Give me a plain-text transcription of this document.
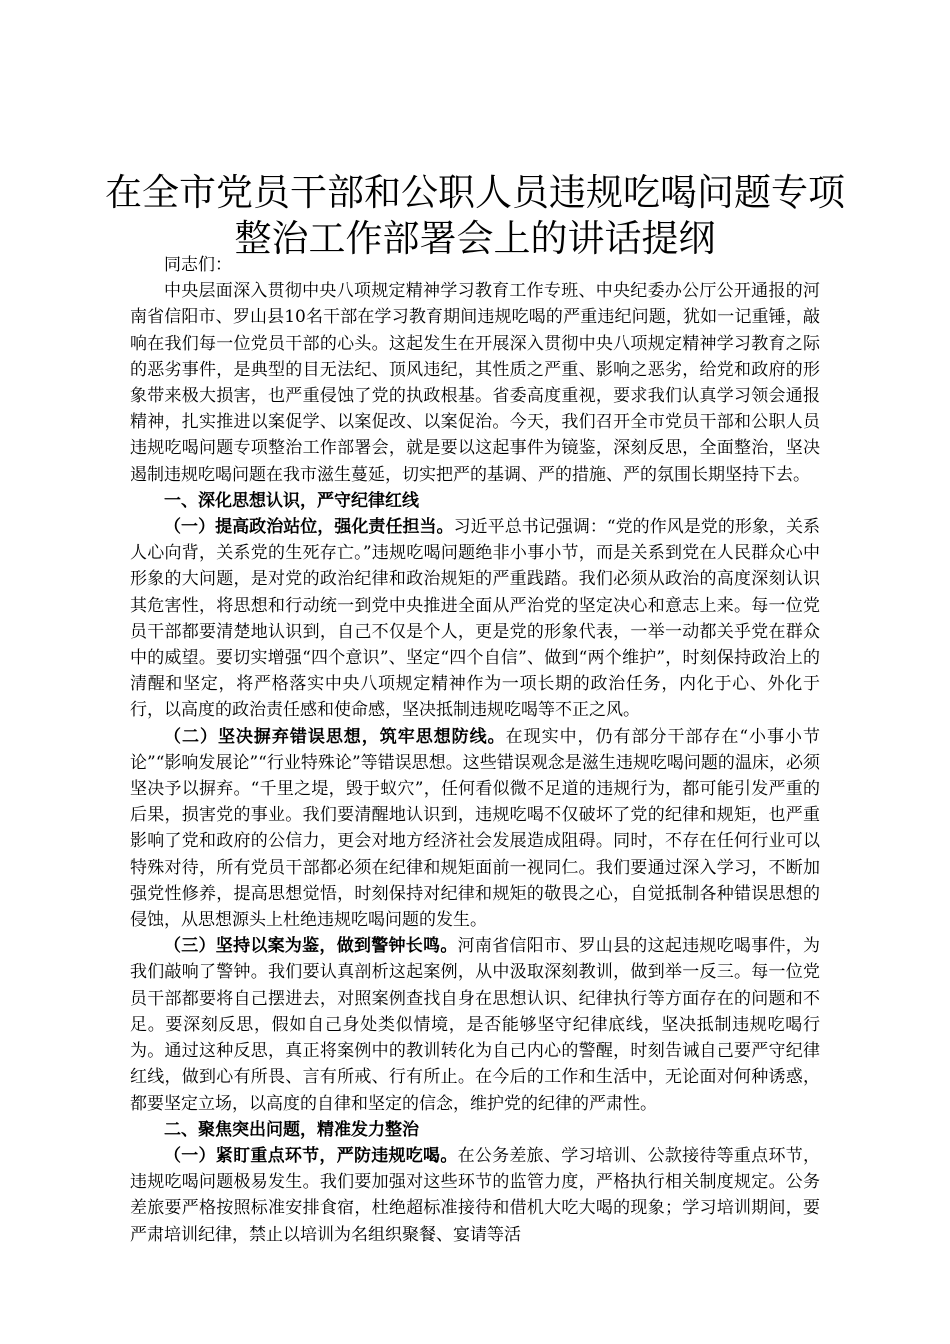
在全市党员干部和公职人员违规吃喝问题专项
整治工作部署会上的讲话提纲

同志们：

中央层面深入贯彻中央八项规定精神学习教育工作专班、中央纪委办公厅公开通报的河南省信阳市、罗山县10名干部在学习教育期间违规吃喝的严重违纪问题，犹如一记重锤，敲响在我们每一位党员干部的心头。这起发生在开展深入贯彻中央八项规定精神学习教育之际的恶劣事件，是典型的目无法纪、顶风违纪，其性质之严重、影响之恶劣，给党和政府的形象带来极大损害，也严重侵蚀了党的执政根基。省委高度重视，要求我们认真学习领会通报精神，扎实推进以案促学、以案促改、以案促治。今天，我们召开全市党员干部和公职人员违规吃喝问题专项整治工作部署会，就是要以这起事件为镜鉴，深刻反思，全面整治，坚决遏制违规吃喝问题在我市滋生蔓延，切实把严的基调、严的措施、严的氛围长期坚持下去。

一、深化思想认识，严守纪律红线

（一）提高政治站位，强化责任担当。习近平总书记强调：“党的作风是党的形象，关系人心向背，关系党的生死存亡。”违规吃喝问题绝非小事小节，而是关系到党在人民群众心中形象的大问题，是对党的政治纪律和政治规矩的严重践踏。我们必须从政治的高度深刻认识其危害性，将思想和行动统一到党中央推进全面从严治党的坚定决心和意志上来。每一位党员干部都要清楚地认识到，自己不仅是个人，更是党的形象代表，一举一动都关乎党在群众中的威望。要切实增强“四个意识”、坚定“四个自信”、做到“两个维护”，时刻保持政治上的清醒和坚定，将严格落实中央八项规定精神作为一项长期的政治任务，内化于心、外化于行，以高度的政治责任感和使命感，坚决抵制违规吃喝等不正之风。

（二）坚决摒弃错误思想，筑牢思想防线。在现实中，仍有部分干部存在“小事小节论”“影响发展论”“行业特殊论”等错误思想。这些错误观念是滋生违规吃喝问题的温床，必须坚决予以摒弃。“千里之堤，毁于蚁穴”，任何看似微不足道的违规行为，都可能引发严重的后果，损害党的事业。我们要清醒地认识到，违规吃喝不仅破坏了党的纪律和规矩，也严重影响了党和政府的公信力，更会对地方经济社会发展造成阻碍。同时，不存在任何行业可以特殊对待，所有党员干部都必须在纪律和规矩面前一视同仁。我们要通过深入学习，不断加强党性修养，提高思想觉悟，时刻保持对纪律和规矩的敬畏之心，自觉抵制各种错误思想的侵蚀，从思想源头上杜绝违规吃喝问题的发生。

（三）坚持以案为鉴，做到警钟长鸣。河南省信阳市、罗山县的这起违规吃喝事件，为我们敲响了警钟。我们要认真剖析这起案例，从中汲取深刻教训，做到举一反三。每一位党员干部都要将自己摆进去，对照案例查找自身在思想认识、纪律执行等方面存在的问题和不足。要深刻反思，假如自己身处类似情境，是否能够坚守纪律底线，坚决抵制违规吃喝行为。通过这种反思，真正将案例中的教训转化为自己内心的警醒，时刻告诫自己要严守纪律红线，做到心有所畏、言有所戒、行有所止。在今后的工作和生活中，无论面对何种诱惑，都要坚定立场，以高度的自律和坚定的信念，维护党的纪律的严肃性。

二、聚焦突出问题，精准发力整治

（一）紧盯重点环节，严防违规吃喝。在公务差旅、学习培训、公款接待等重点环节，违规吃喝问题极易发生。我们要加强对这些环节的监管力度，严格执行相关制度规定。公务差旅要严格按照标准安排食宿，杜绝超标准接待和借机大吃大喝的现象；学习培训期间，要严肃培训纪律，禁止以培训为名组织聚餐、宴请等活
